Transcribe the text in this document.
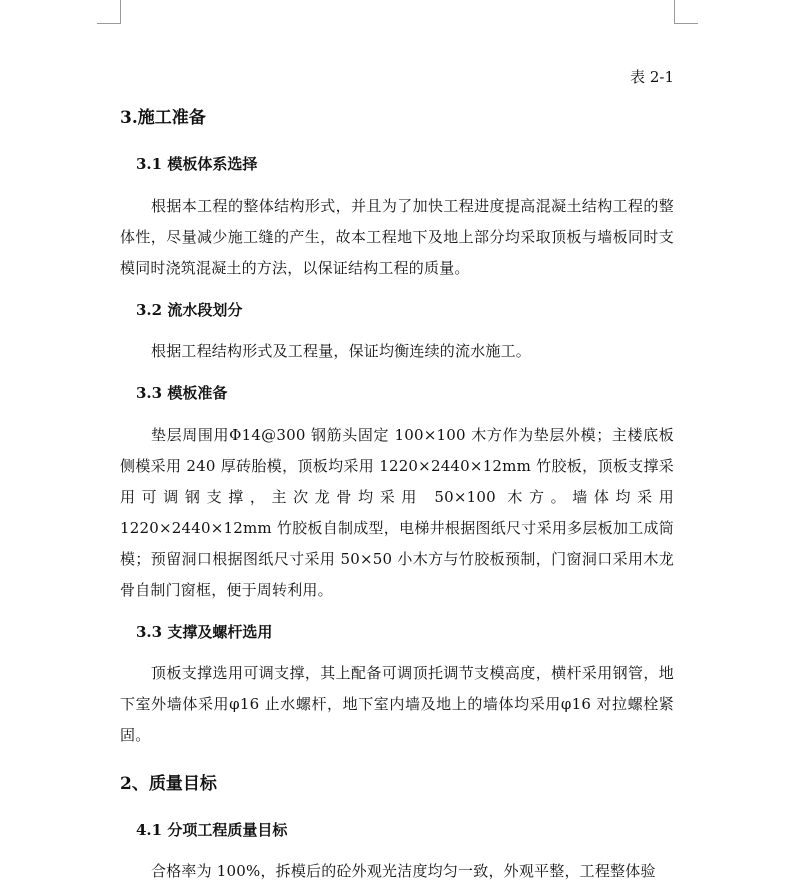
表 2-1
3.施工准备
3.1 模板体系选择
根据本工程的整体结构形式，并且为了加快工程进度提高混凝土结构工程的整体性，尽量减少施工缝的产生，故本工程地下及地上部分均采取顶板与墙板同时支模同时浇筑混凝土的方法，以保证结构工程的质量。
3.2 流水段划分
根据工程结构形式及工程量，保证均衡连续的流水施工。
3.3 模板准备
垫层周围用Φ14@300 钢筋头固定 100×100 木方作为垫层外模；主楼底板侧模采用 240 厚砖胎模，顶板均采用 1220×2440×12mm 竹胶板，顶板支撑采用可调钢支撑，主次龙骨均采用 50×100 木方。墙体均采用 1220×2440×12mm 竹胶板自制成型，电梯井根据图纸尺寸采用多层板加工成筒模；预留洞口根据图纸尺寸采用 50×50 小木方与竹胶板预制，门窗洞口采用木龙骨自制门窗框，便于周转利用。
3.3 支撑及螺杆选用
顶板支撑选用可调支撑，其上配备可调顶托调节支模高度，横杆采用钢管，地下室外墙体采用φ16 止水螺杆，地下室内墙及地上的墙体均采用φ16 对拉螺栓紧固。
2、质量目标
4.1 分项工程质量目标
合格率为 100%，拆模后的砼外观光洁度均匀一致，外观平整，工程整体验
